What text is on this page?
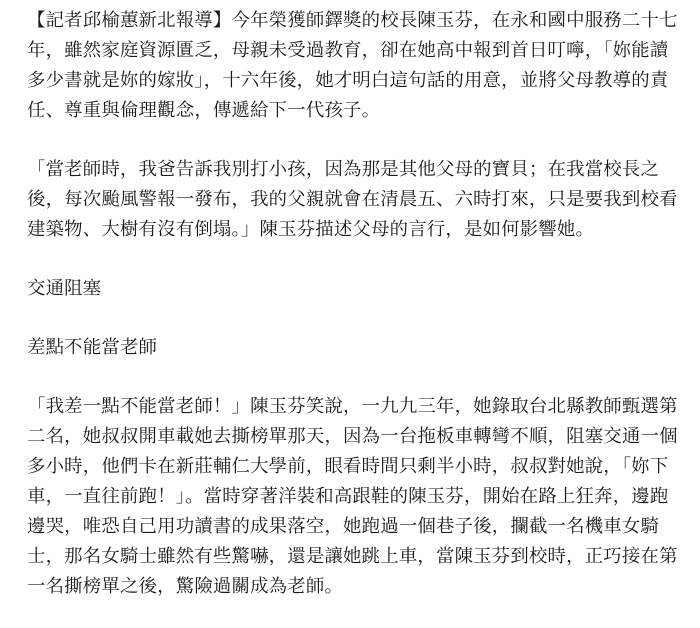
【記者邱榆蕙新北報導】今年榮獲師鐸獎的校長陳玉芬，在永和國中服務二十七年，雖然家庭資源匱乏，母親未受過教育，卻在她高中報到首日叮嚀，「妳能讀多少書就是妳的嫁妝」，十六年後，她才明白這句話的用意，並將父母教導的責任、尊重與倫理觀念，傳遞給下一代孩子。

「當老師時，我爸告訴我別打小孩，因為那是其他父母的寶貝；在我當校長之後，每次颱風警報一發布，我的父親就會在清晨五、六時打來，只是要我到校看建築物、大樹有沒有倒塌。」陳玉芬描述父母的言行，是如何影響她。

交通阻塞

差點不能當老師

「我差一點不能當老師！」陳玉芬笑說，一九九三年，她錄取台北縣教師甄選第二名，她叔叔開車載她去撕榜單那天，因為一台拖板車轉彎不順，阻塞交通一個多小時，他們卡在新莊輔仁大學前，眼看時間只剩半小時，叔叔對她說，「妳下車，一直往前跑！」。當時穿著洋裝和高跟鞋的陳玉芬，開始在路上狂奔，邊跑邊哭，唯恐自己用功讀書的成果落空，她跑過一個巷子後，攔截一名機車女騎士，那名女騎士雖然有些驚嚇，還是讓她跳上車，當陳玉芬到校時，正巧接在第一名撕榜單之後，驚險過關成為老師。
